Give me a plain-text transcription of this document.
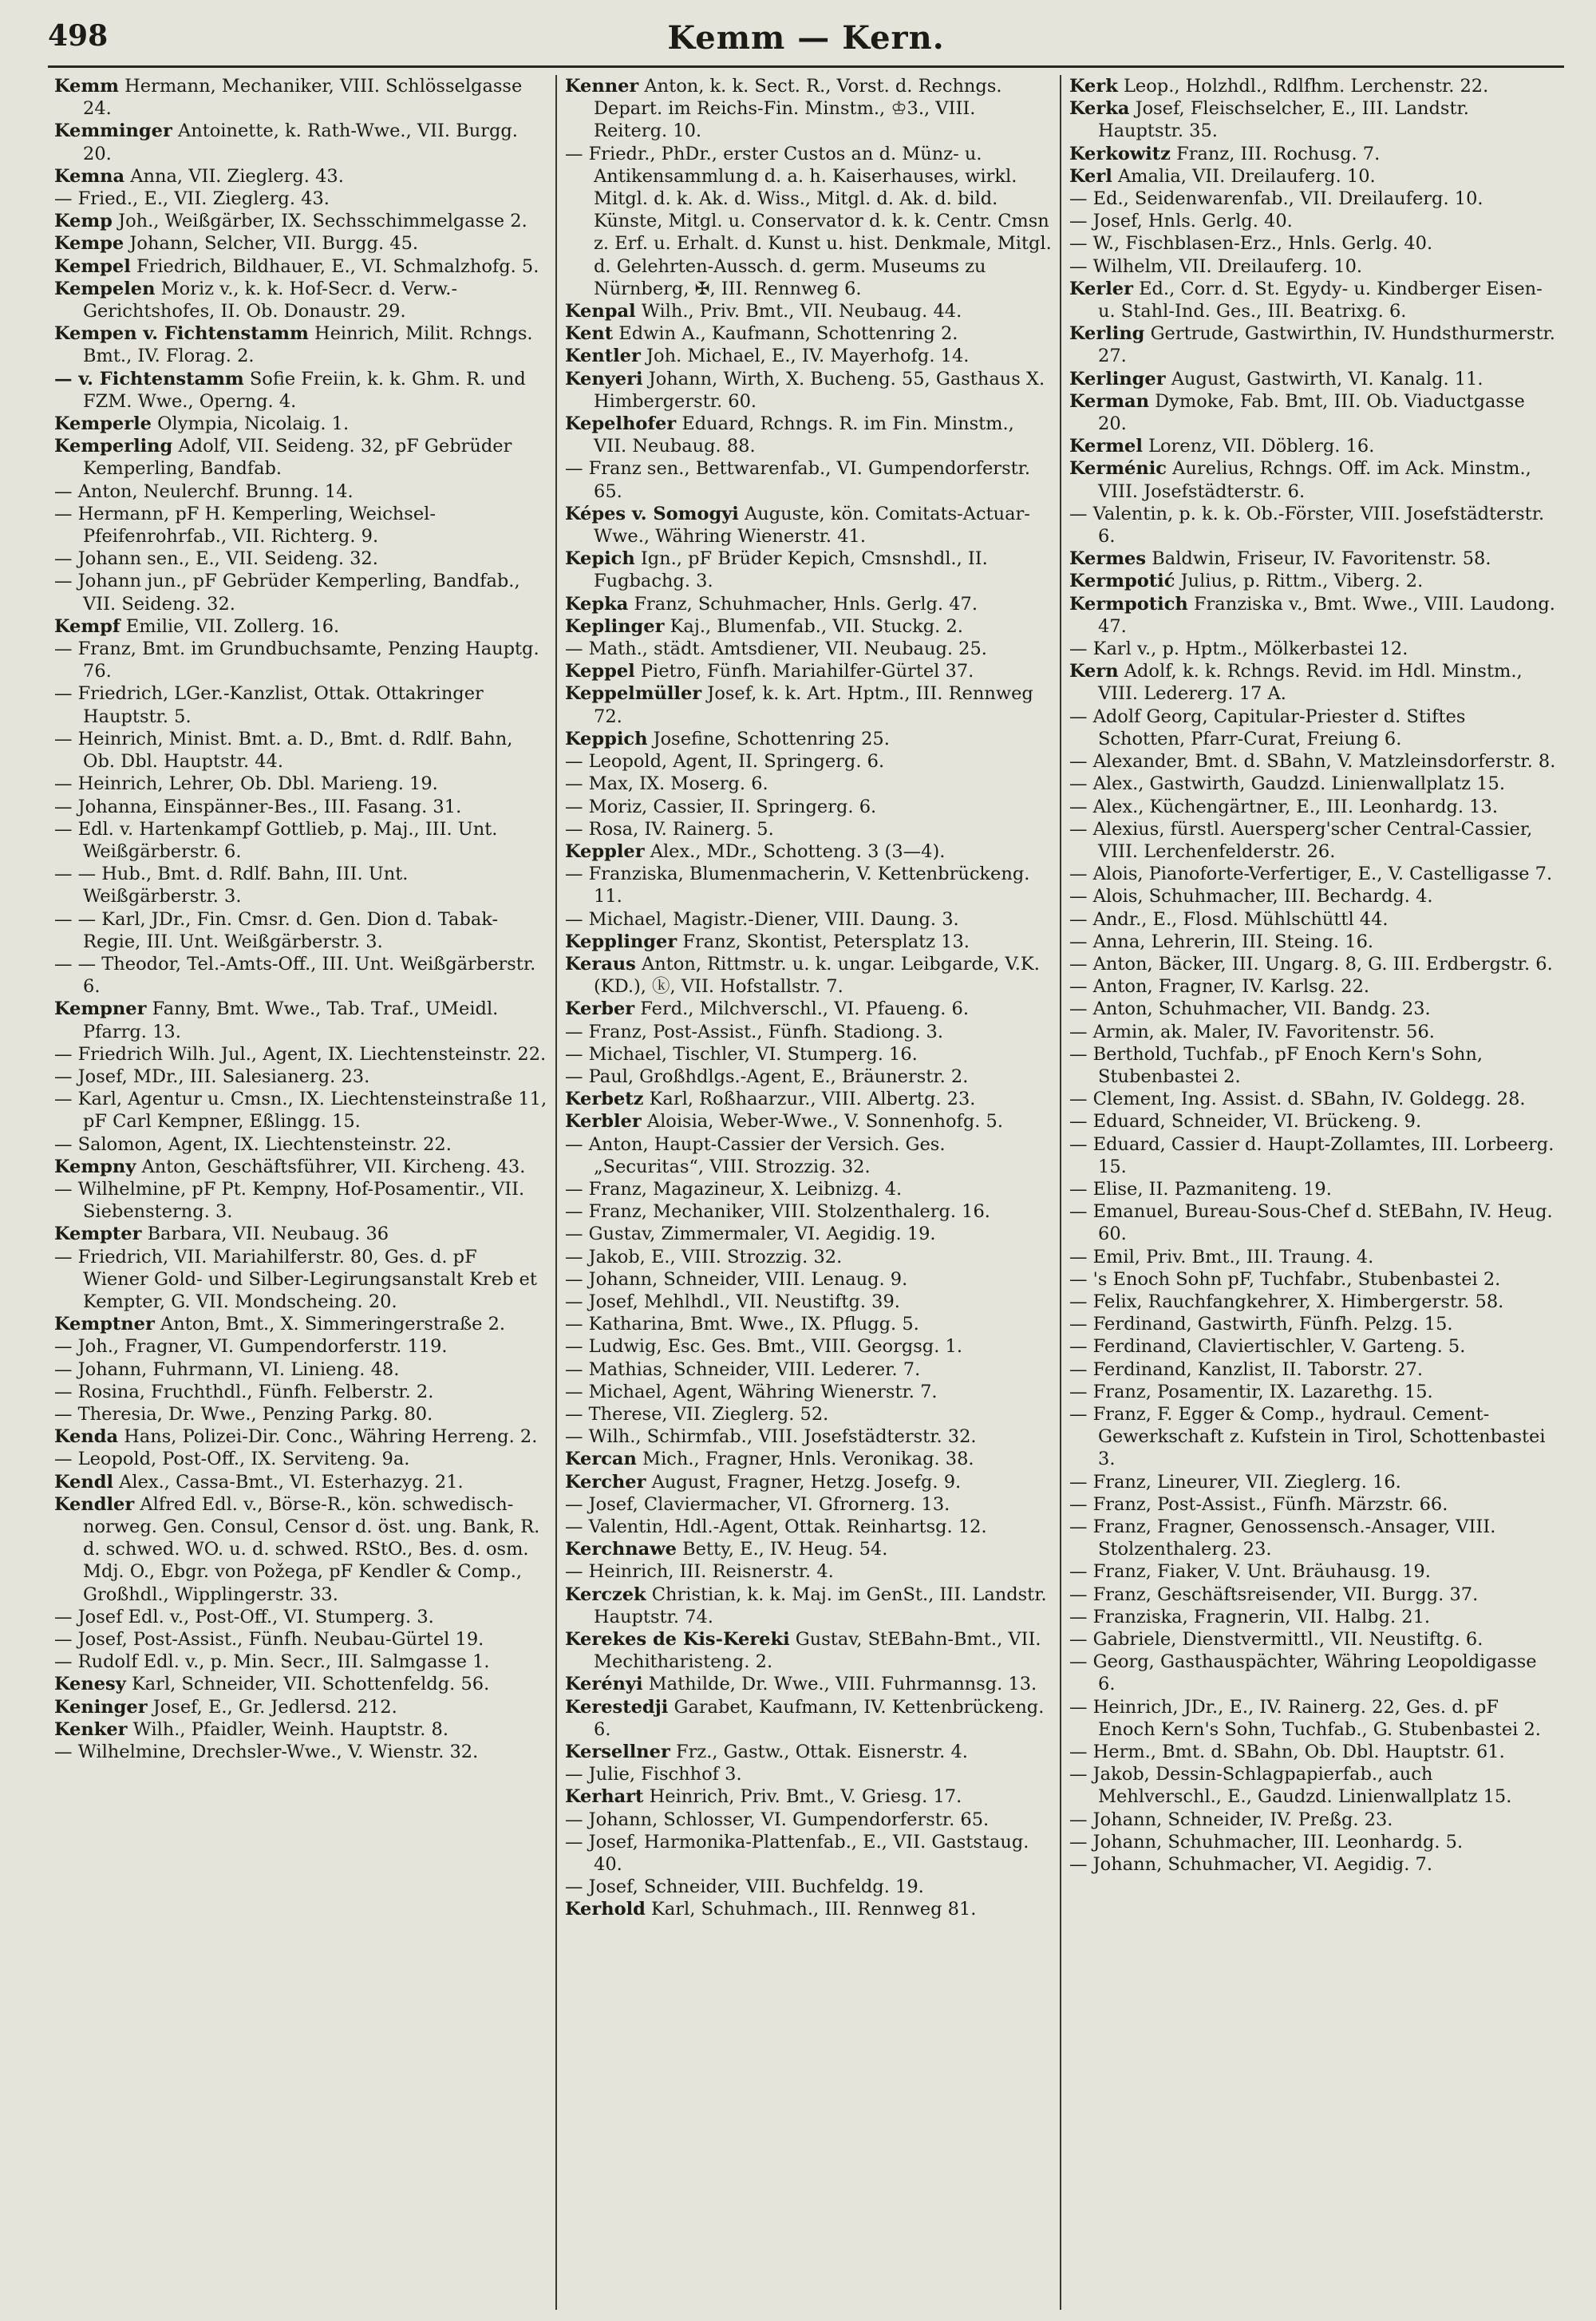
498	Kemm — Kern.

Kemm Hermann, Mechaniker, VIII. Schlösselgasse 24.

Kemminger Antoinette, k. Rath-Wwe., VII. Burgg. 20.

Kemna Anna, VII. Zieglerg. 43.

— Fried., E., VII. Zieglerg. 43.

Kemp Joh., Weißgärber, IX. Sechsschimmelgasse 2.

Kempe Johann, Selcher, VII. Burgg. 45.

Kempel Friedrich, Bildhauer, E., VI. Schmalzhofg. 5.

Kempelen Moriz v., k. k. Hof-Secr. d. Verw.-Gerichtshofes, II. Ob. Donaustr. 29.

Kempen v. Fichtenstamm Heinrich, Milit. Rchngs. Bmt., IV. Florag. 2.

— v. Fichtenstamm Sofie Freiin, k. k. Ghm. R. und FZM. Wwe., Operng. 4.

Kemperle Olympia, Nicolaig. 1.

Kemperling Adolf, VII. Seideng. 32, pF Gebrüder Kemperling, Bandfab.

— Anton, Neulerchf. Brunng. 14.

— Hermann, pF H. Kemperling, Weichsel-Pfeifenrohrfab., VII. Richterg. 9.

— Johann sen., E., VII. Seideng. 32.

— Johann jun., pF Gebrüder Kemperling, Bandfab., VII. Seideng. 32.

Kempf Emilie, VII. Zollerg. 16.

— Franz, Bmt. im Grundbuchsamte, Penzing Hauptg. 76.

— Friedrich, LGer.-Kanzlist, Ottak. Ottakringer Hauptstr. 5.

— Heinrich, Minist. Bmt. a. D., Bmt. d. Rdlf. Bahn, Ob. Dbl. Hauptstr. 44.

— Heinrich, Lehrer, Ob. Dbl. Marieng. 19.

— Johanna, Einspänner-Bes., III. Fasang. 31.

— Edl. v. Hartenkampf Gottlieb, p. Maj., III. Unt. Weißgärberstr. 6.

— — Hub., Bmt. d. Rdlf. Bahn, III. Unt. Weißgärberstr. 3.

— — Karl, JDr., Fin. Cmsr. d. Gen. Dion d. Tabak-Regie, III. Unt. Weißgärberstr. 3.

— — Theodor, Tel.-Amts-Off., III. Unt. Weißgärberstr. 6.

Kempner Fanny, Bmt. Wwe., Tab. Traf., UMeidl. Pfarrg. 13.

— Friedrich Wilh. Jul., Agent, IX. Liechtensteinstr. 22.

— Josef, MDr., III. Salesianerg. 23.

— Karl, Agentur u. Cmsn., IX. Liechtensteinstraße 11, pF Carl Kempner, Eßlingg. 15.

— Salomon, Agent, IX. Liechtensteinstr. 22.

Kempny Anton, Geschäftsführer, VII. Kircheng. 43.

— Wilhelmine, pF Pt. Kempny, Hof-Posamentir., VII. Siebensterng. 3.

Kempter Barbara, VII. Neubaug. 36

— Friedrich, VII. Mariahilferstr. 80, Ges. d. pF Wiener Gold- und Silber-Legirungsanstalt Kreb et Kempter, G. VII. Mondscheing. 20.

Kemptner Anton, Bmt., X. Simmeringerstraße 2.

— Joh., Fragner, VI. Gumpendorferstr. 119.

— Johann, Fuhrmann, VI. Linieng. 48.

— Rosina, Fruchthdl., Fünfh. Felberstr. 2.

— Theresia, Dr. Wwe., Penzing Parkg. 80.

Kenda Hans, Polizei-Dir. Conc., Währing Herreng. 2.

— Leopold, Post-Off., IX. Serviteng. 9a.

Kendl Alex., Cassa-Bmt., VI. Esterhazyg. 21.

Kendler Alfred Edl. v., Börse-R., kön. schwedisch-norweg. Gen. Consul, Censor d. öst. ung. Bank, R. d. schwed. WO. u. d. schwed. RStO., Bes. d. osm. Mdj. O., Ebgr. von Požega, pF Kendler & Comp., Großhdl., Wipplingerstr. 33.

— Josef Edl. v., Post-Off., VI. Stumperg. 3.

— Josef, Post-Assist., Fünfh. Neubau-Gürtel 19.

— Rudolf Edl. v., p. Min. Secr., III. Salmgasse 1.

Kenesy Karl, Schneider, VII. Schottenfeldg. 56.

Keninger Josef, E., Gr. Jedlersd. 212.

Kenker Wilh., Pfaidler, Weinh. Hauptstr. 8.

— Wilhelmine, Drechsler-Wwe., V. Wienstr. 32.

Kenner Anton, k. k. Sect. R., Vorst. d. Rechngs. Depart. im Reichs-Fin. Minstm., ♔3., VIII. Reiterg. 10.

— Friedr., PhDr., erster Custos an d. Münz- u. Antikensammlung d. a. h. Kaiserhauses, wirkl. Mitgl. d. k. Ak. d. Wiss., Mitgl. d. Ak. d. bild. Künste, Mitgl. u. Conservator d. k. k. Centr. Cmsn z. Erf. u. Erhalt. d. Kunst u. hist. Denkmale, Mitgl. d. Gelehrten-Aussch. d. germ. Museums zu Nürnberg, ✠, III. Rennweg 6.

Kenpal Wilh., Priv. Bmt., VII. Neubaug. 44.

Kent Edwin A., Kaufmann, Schottenring 2.

Kentler Joh. Michael, E., IV. Mayerhofg. 14.

Kenyeri Johann, Wirth, X. Bucheng. 55, Gasthaus X. Himbergerstr. 60.

Kepelhofer Eduard, Rchngs. R. im Fin. Minstm., VII. Neubaug. 88.

— Franz sen., Bettwarenfab., VI. Gumpendorferstr. 65.

Képes v. Somogyi Auguste, kön. Comitats-Actuar-Wwe., Währing Wienerstr. 41.

Kepich Ign., pF Brüder Kepich, Cmsnshdl., II. Fugbachg. 3.

Kepka Franz, Schuhmacher, Hnls. Gerlg. 47.

Keplinger Kaj., Blumenfab., VII. Stuckg. 2.

— Math., städt. Amtsdiener, VII. Neubaug. 25.

Keppel Pietro, Fünfh. Mariahilfer-Gürtel 37.

Keppelmüller Josef, k. k. Art. Hptm., III. Rennweg 72.

Keppich Josefine, Schottenring 25.

— Leopold, Agent, II. Springerg. 6.

— Max, IX. Moserg. 6.

— Moriz, Cassier, II. Springerg. 6.

— Rosa, IV. Rainerg. 5.

Keppler Alex., MDr., Schotteng. 3 (3—4).

— Franziska, Blumenmacherin, V. Kettenbrückeng. 11.

— Michael, Magistr.-Diener, VIII. Daung. 3.

Kepplinger Franz, Skontist, Petersplatz 13.

Keraus Anton, Rittmstr. u. k. ungar. Leibgarde, V.K. (KD.), ⓚ, VII. Hofstallstr. 7.

Kerber Ferd., Milchverschl., VI. Pfaueng. 6.

— Franz, Post-Assist., Fünfh. Stadiong. 3.

— Michael, Tischler, VI. Stumperg. 16.

— Paul, Großhdlgs.-Agent, E., Bräunerstr. 2.

Kerbetz Karl, Roßhaarzur., VIII. Albertg. 23.

Kerbler Aloisia, Weber-Wwe., V. Sonnenhofg. 5.

— Anton, Haupt-Cassier der Versich. Ges. „Securitas“, VIII. Strozzig. 32.

— Franz, Magazineur, X. Leibnizg. 4.

— Franz, Mechaniker, VIII. Stolzenthalerg. 16.

— Gustav, Zimmermaler, VI. Aegidig. 19.

— Jakob, E., VIII. Strozzig. 32.

— Johann, Schneider, VIII. Lenaug. 9.

— Josef, Mehlhdl., VII. Neustiftg. 39.

— Katharina, Bmt. Wwe., IX. Pflugg. 5.

— Ludwig, Esc. Ges. Bmt., VIII. Georgsg. 1.

— Mathias, Schneider, VIII. Lederer. 7.

— Michael, Agent, Währing Wienerstr. 7.

— Therese, VII. Zieglerg. 52.

— Wilh., Schirmfab., VIII. Josefstädterstr. 32.

Kercan Mich., Fragner, Hnls. Veronikag. 38.

Kercher August, Fragner, Hetzg. Josefg. 9.

— Josef, Claviermacher, VI. Gfrornerg. 13.

— Valentin, Hdl.-Agent, Ottak. Reinhartsg. 12.

Kerchnawe Betty, E., IV. Heug. 54.

— Heinrich, III. Reisnerstr. 4.

Kerczek Christian, k. k. Maj. im GenSt., III. Landstr. Hauptstr. 74.

Kerekes de Kis-Kereki Gustav, StEBahn-Bmt., VII. Mechitharisteng. 2.

Kerényi Mathilde, Dr. Wwe., VIII. Fuhrmannsg. 13.

Kerestedji Garabet, Kaufmann, IV. Kettenbrückeng. 6.

Kersellner Frz., Gastw., Ottak. Eisnerstr. 4.

— Julie, Fischhof 3.

Kerhart Heinrich, Priv. Bmt., V. Griesg. 17.

— Johann, Schlosser, VI. Gumpendorferstr. 65.

— Josef, Harmonika-Plattenfab., E., VII. Gaststaug. 40.

— Josef, Schneider, VIII. Buchfeldg. 19.

Kerhold Karl, Schuhmach., III. Rennweg 81.

Kerk Leop., Holzhdl., Rdlfhm. Lerchenstr. 22.

Kerka Josef, Fleischselcher, E., III. Landstr. Hauptstr. 35.

Kerkowitz Franz, III. Rochusg. 7.

Kerl Amalia, VII. Dreilauferg. 10.

— Ed., Seidenwarenfab., VII. Dreilauferg. 10.

— Josef, Hnls. Gerlg. 40.

— W., Fischblasen-Erz., Hnls. Gerlg. 40.

— Wilhelm, VII. Dreilauferg. 10.

Kerler Ed., Corr. d. St. Egydy- u. Kindberger Eisen- u. Stahl-Ind. Ges., III. Beatrixg. 6.

Kerling Gertrude, Gastwirthin, IV. Hundsthurmerstr. 27.

Kerlinger August, Gastwirth, VI. Kanalg. 11.

Kerman Dymoke, Fab. Bmt, III. Ob. Viaductgasse 20.

Kermel Lorenz, VII. Döblerg. 16.

Kerménic Aurelius, Rchngs. Off. im Ack. Minstm., VIII. Josefstädterstr. 6.

— Valentin, p. k. k. Ob.-Förster, VIII. Josefstädterstr. 6.

Kermes Baldwin, Friseur, IV. Favoritenstr. 58.

Kermpotić Julius, p. Rittm., Viberg. 2.

Kermpotich Franziska v., Bmt. Wwe., VIII. Laudong. 47.

— Karl v., p. Hptm., Mölkerbastei 12.

Kern Adolf, k. k. Rchngs. Revid. im Hdl. Minstm., VIII. Ledererg. 17 A.

— Adolf Georg, Capitular-Priester d. Stiftes Schotten, Pfarr-Curat, Freiung 6.

— Alexander, Bmt. d. SBahn, V. Matzleinsdorferstr. 8.

— Alex., Gastwirth, Gaudzd. Linienwallplatz 15.

— Alex., Küchengärtner, E., III. Leonhardg. 13.

— Alexius, fürstl. Auersperg'scher Central-Cassier, VIII. Lerchenfelderstr. 26.

— Alois, Pianoforte-Verfertiger, E., V. Castelligasse 7.

— Alois, Schuhmacher, III. Bechardg. 4.

— Andr., E., Flosd. Mühlschüttl 44.

— Anna, Lehrerin, III. Steing. 16.

— Anton, Bäcker, III. Ungarg. 8, G. III. Erdbergstr. 6.

— Anton, Fragner, IV. Karlsg. 22.

— Anton, Schuhmacher, VII. Bandg. 23.

— Armin, ak. Maler, IV. Favoritenstr. 56.

— Berthold, Tuchfab., pF Enoch Kern's Sohn, Stubenbastei 2.

— Clement, Ing. Assist. d. SBahn, IV. Goldegg. 28.

— Eduard, Schneider, VI. Brückeng. 9.

— Eduard, Cassier d. Haupt-Zollamtes, III. Lorbeerg. 15.

— Elise, II. Pazmaniteng. 19.

— Emanuel, Bureau-Sous-Chef d. StEBahn, IV. Heug. 60.

— Emil, Priv. Bmt., III. Traung. 4.

— 's Enoch Sohn pF, Tuchfabr., Stubenbastei 2.

— Felix, Rauchfangkehrer, X. Himbergerstr. 58.

— Ferdinand, Gastwirth, Fünfh. Pelzg. 15.

— Ferdinand, Claviertischler, V. Garteng. 5.

— Ferdinand, Kanzlist, II. Taborstr. 27.

— Franz, Posamentir, IX. Lazarethg. 15.

— Franz, F. Egger & Comp., hydraul. Cement-Gewerkschaft z. Kufstein in Tirol, Schottenbastei 3.

— Franz, Lineurer, VII. Zieglerg. 16.

— Franz, Post-Assist., Fünfh. Märzstr. 66.

— Franz, Fragner, Genossensch.-Ansager, VIII. Stolzenthalerg. 23.

— Franz, Fiaker, V. Unt. Bräuhausg. 19.

— Franz, Geschäftsreisender, VII. Burgg. 37.

— Franziska, Fragnerin, VII. Halbg. 21.

— Gabriele, Dienstvermittl., VII. Neustiftg. 6.

— Georg, Gasthauspächter, Währing Leopoldigasse 6.

— Heinrich, JDr., E., IV. Rainerg. 22, Ges. d. pF Enoch Kern's Sohn, Tuchfab., G. Stubenbastei 2.

— Herm., Bmt. d. SBahn, Ob. Dbl. Hauptstr. 61.

— Jakob, Dessin-Schlagpapierfab., auch Mehlverschl., E., Gaudzd. Linienwallplatz 15.

— Johann, Schneider, IV. Preßg. 23.

— Johann, Schuhmacher, III. Leonhardg. 5.

— Johann, Schuhmacher, VI. Aegidig. 7.
